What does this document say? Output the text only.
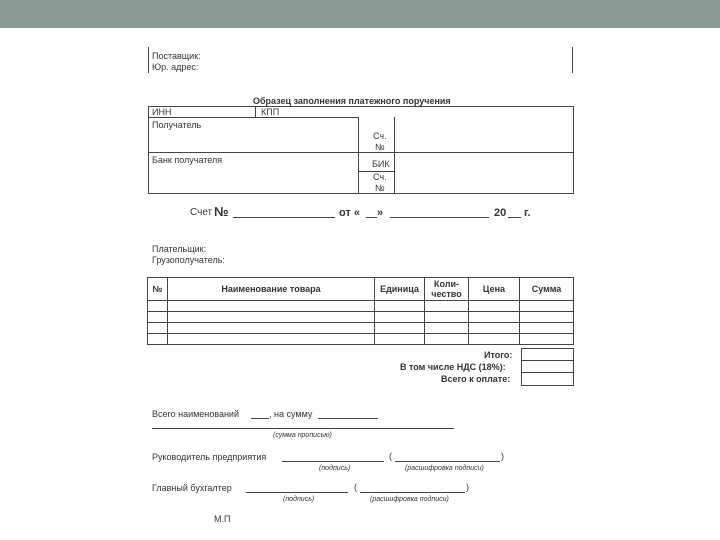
Поставщик:
Юр. адрес:
Образец заполнения платежного поручения
ИНН	КПП
Получатель
Сч.
№
Банк получателя	БИК
Сч.
№
Счет №	от « »	20 г.
Плательщик:
Грузополучатель:
№	Наименование товара	Единица	Коли-чество	Цена	Сумма

Итого:
В том числе НДС (18%):
Всего к оплате:

Всего наименований	, на сумму
(сумма прописью)
Руководитель предприятия	(	)
(подпись)	(расшифровка подписи)
Главный бухгалтер	(	)
(подпись)	(расшифровка подписи)
М.П
